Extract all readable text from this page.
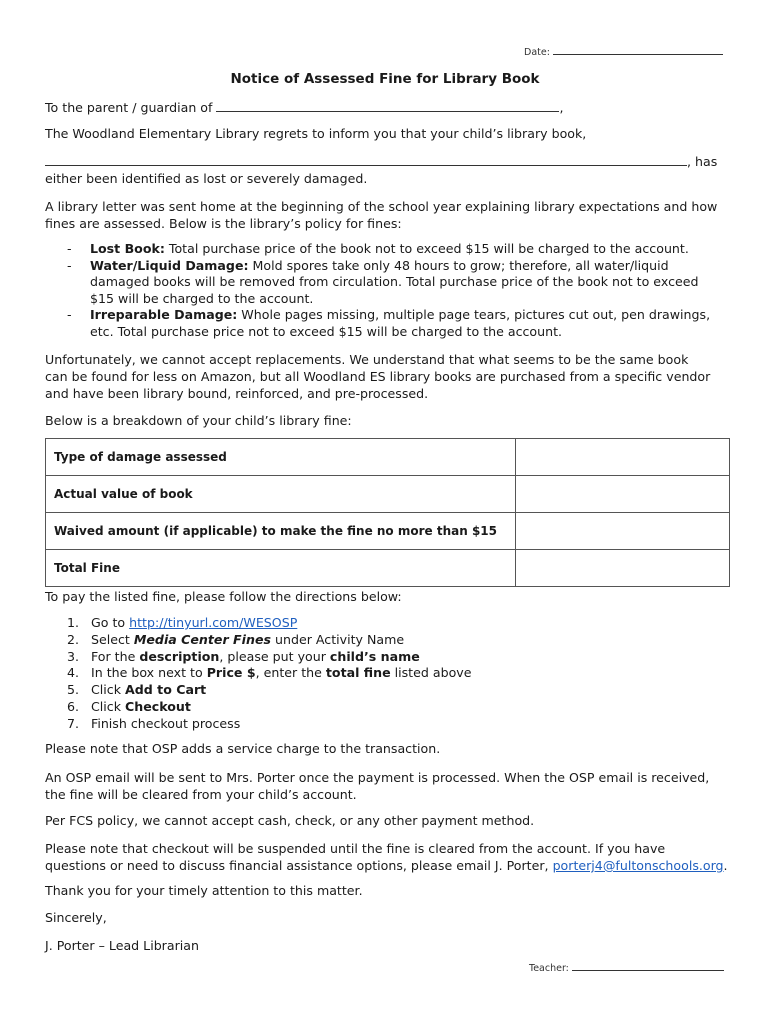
Date:
Notice of Assessed Fine for Library Book
To the parent / guardian of	,
The Woodland Elementary Library regrets to inform you that your child’s library book,
, has
either been identified as lost or severely damaged.
A library letter was sent home at the beginning of the school year explaining library expectations and how
fines are assessed. Below is the library’s policy for fines:
- Lost Book: Total purchase price of the book not to exceed $15 will be charged to the account.
- Water/Liquid Damage: Mold spores take only 48 hours to grow; therefore, all water/liquid
damaged books will be removed from circulation. Total purchase price of the book not to exceed
$15 will be charged to the account.
- Irreparable Damage: Whole pages missing, multiple page tears, pictures cut out, pen drawings,
etc. Total purchase price not to exceed $15 will be charged to the account.
Unfortunately, we cannot accept replacements. We understand that what seems to be the same book
can be found for less on Amazon, but all Woodland ES library books are purchased from a specific vendor
and have been library bound, reinforced, and pre-processed.
Below is a breakdown of your child’s library fine:
Type of damage assessed	
Actual value of book	
Waived amount (if applicable) to make the fine no more than $15	
Total Fine	
To pay the listed fine, please follow the directions below:
1. Go to http://tinyurl.com/WESOSP
2. Select Media Center Fines under Activity Name
3. For the description, please put your child’s name
4. In the box next to Price $, enter the total fine listed above
5. Click Add to Cart
6. Click Checkout
7. Finish checkout process
Please note that OSP adds a service charge to the transaction.
An OSP email will be sent to Mrs. Porter once the payment is processed. When the OSP email is received,
the fine will be cleared from your child’s account.
Per FCS policy, we cannot accept cash, check, or any other payment method.
Please note that checkout will be suspended until the fine is cleared from the account. If you have
questions or need to discuss financial assistance options, please email J. Porter, porterj4@fultonschools.org.
Thank you for your timely attention to this matter.
Sincerely,
J. Porter – Lead Librarian
Teacher:
